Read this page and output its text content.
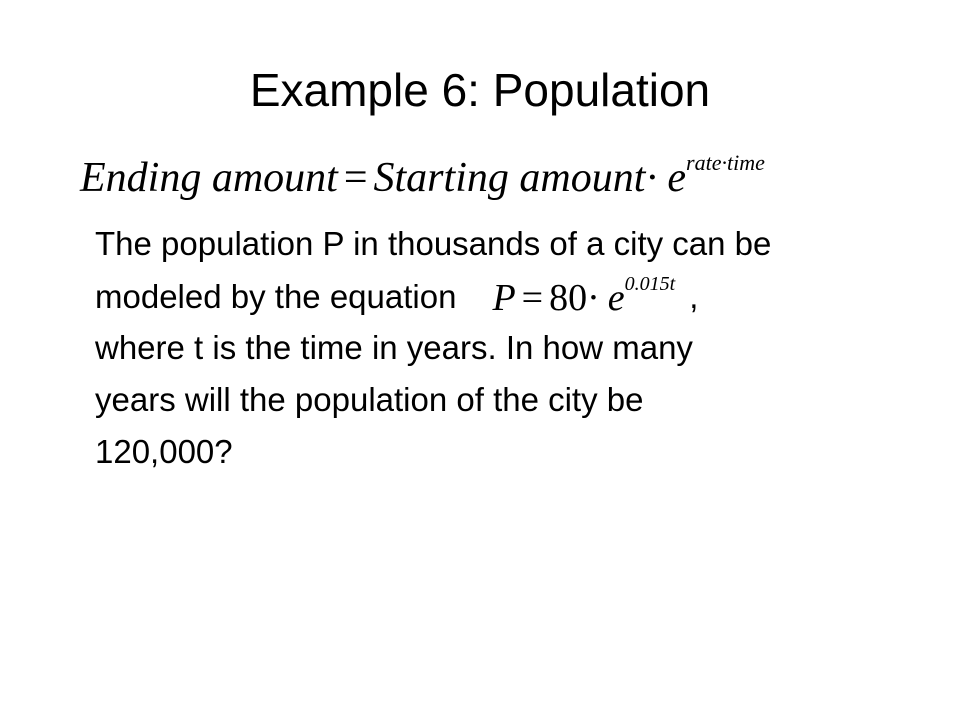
Example 6: Population
Ending amount = Starting amount· $e^{rate\cdot time}$
The population P in thousands of a city can be
modeled by the equation $P = 80\cdot e^{0.015t}$ ,
where t is the time in years. In how many
years will the population of the city be
120,000?
